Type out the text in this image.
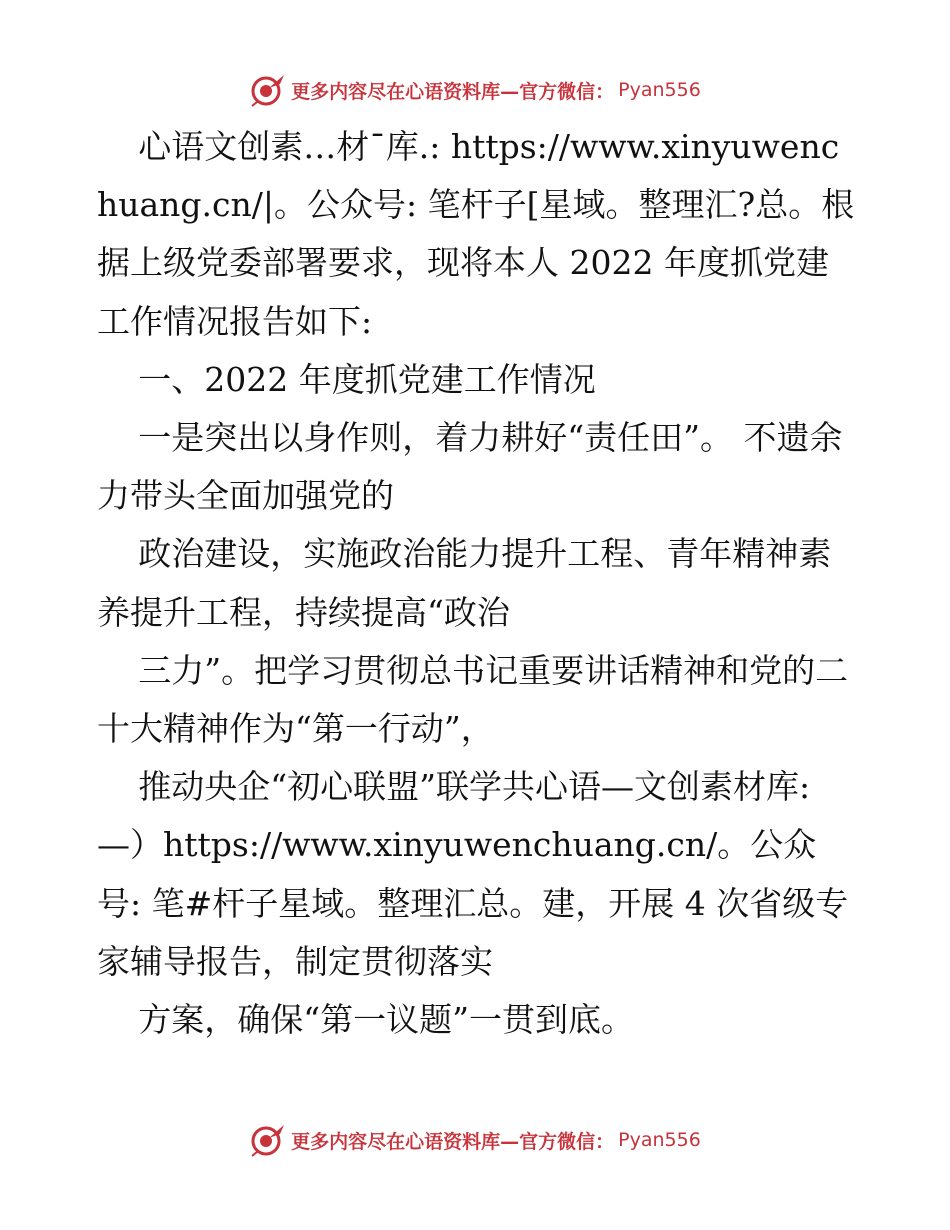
更多内容尽在心语资料库—官方微信： Pyan556

心语文创素…材¯库.: https://www.xinyuwenchuang.cn/|。公众号: 笔杆子[星域。整理汇?总。根据上级党委部署要求，现将本人 2022 年度抓党建工作情况报告如下:

一、2022 年度抓党建工作情况

一是突出以身作则，着力耕好“责任田”。 不遗余力带头全面加强党的

政治建设，实施政治能力提升工程、青年精神素养提升工程，持续提高“政治

三力”。把学习贯彻总书记重要讲话精神和党的二十大精神作为“第一行动”，

推动央企“初心联盟”联学共心语—文创素材库: —）https://www.xinyuwenchuang.cn/。公众号: 笔#杆子星域。整理汇总。建，开展 4 次省级专家辅导报告，制定贯彻落实

方案，确保“第一议题”一贯到底。

更多内容尽在心语资料库—官方微信： Pyan556
